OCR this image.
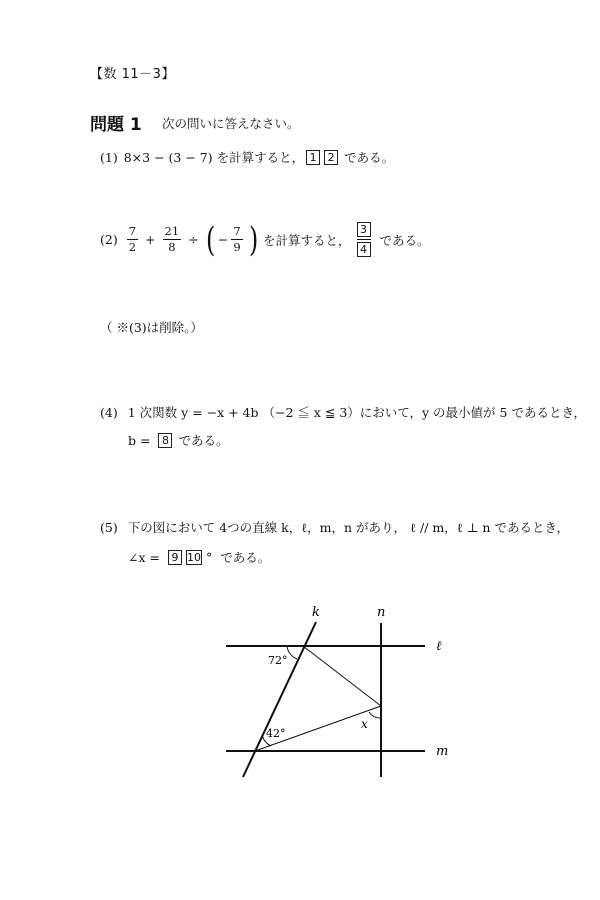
【数 11－3】
問題 1 次の問いに答えなさい。
(1) 8×3 − (3 − 7) を計算すると， 1	2 である。
$(2) \frac{7}{2} + \frac{21}{8}$ ÷ ( − $\frac{7}{9}$ ) を計算すると， $\frac{3}{4}$ である。
（ ※(3)は削除。）
(4) 1 次関数 y = −x + 4b （−2 ≦ x ≦ 3）において，y の最小値が 5 であるとき，
b =	8 である。
(5) 下の図において 4つの直線 k，ℓ，m，n があり， ℓ // m，ℓ ⊥ n であるとき，
∠x =	9 10 ° である。
k	n
ℓ
m
72°
42°
x
